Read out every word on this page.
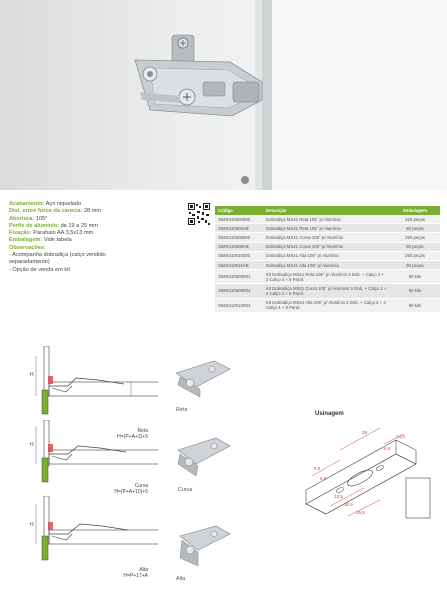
Acabamento: Aço niquelado
Dist. entre furos da caneca: 28 mm
Abertura: 105°
Perfis de alumínio: de 19 a 25 mm
Fixação: Parafuso AA 3,5x13 mm
Embalagem: Vide tabela
Observações:
- Acompanha dobradiça (calço vendido
separadamente)
- Opção de venda em kit
Código	Descrição	Embalagem
SIMS410500000	Dobradiça MS41 Reta 105° p/ Alumínio	250 peças
SIMS410500AB	Dobradiça MS41 Reta 105° p/ Alumínio	50 peças
SIMS410508000	Dobradiça MS41 Curva 105° p/ Alumínio	250 peças
SIMS410508AB	Dobradiça MS41 Curva 105° p/ Alumínio	50 peças
SIMS410515000	Dobradiça MS41 Alta 105° p/ Alumínio	250 peças
SIMS410515AB	Dobradiça MS41 Alta 105° p/ Alumínio	50 peças
SIMS410500R01	Kit Dobradiça MS41 Reta 105° p/ Alumínio 2 Dob. + Calço 2 + 2 Calço 4 + 8 Paraf.	50 kits
SIMS410508R01	Kit Dobradiça MS41 Curva 105° p/ Alumínio 2 Dob. + Calço 2 + 2 Calço 4 + 8 Paraf.	50 kits
SIMS410515R01	Kit Dobradiça MS41 Alta 105° p/ Alumínio 2 Dob. + Calço 2 + 2 Calço 4 + 8 Paraf.	50 kits
H
Reta
H=(P+A+2)+5
H
Curva
H=(P+A+10)+5
H
Alta
H=P+17+A
Reta
Curva
Alta
Usinagem
28
14,5
6,5
9,5
8,5
12,5
30,5
25,5
